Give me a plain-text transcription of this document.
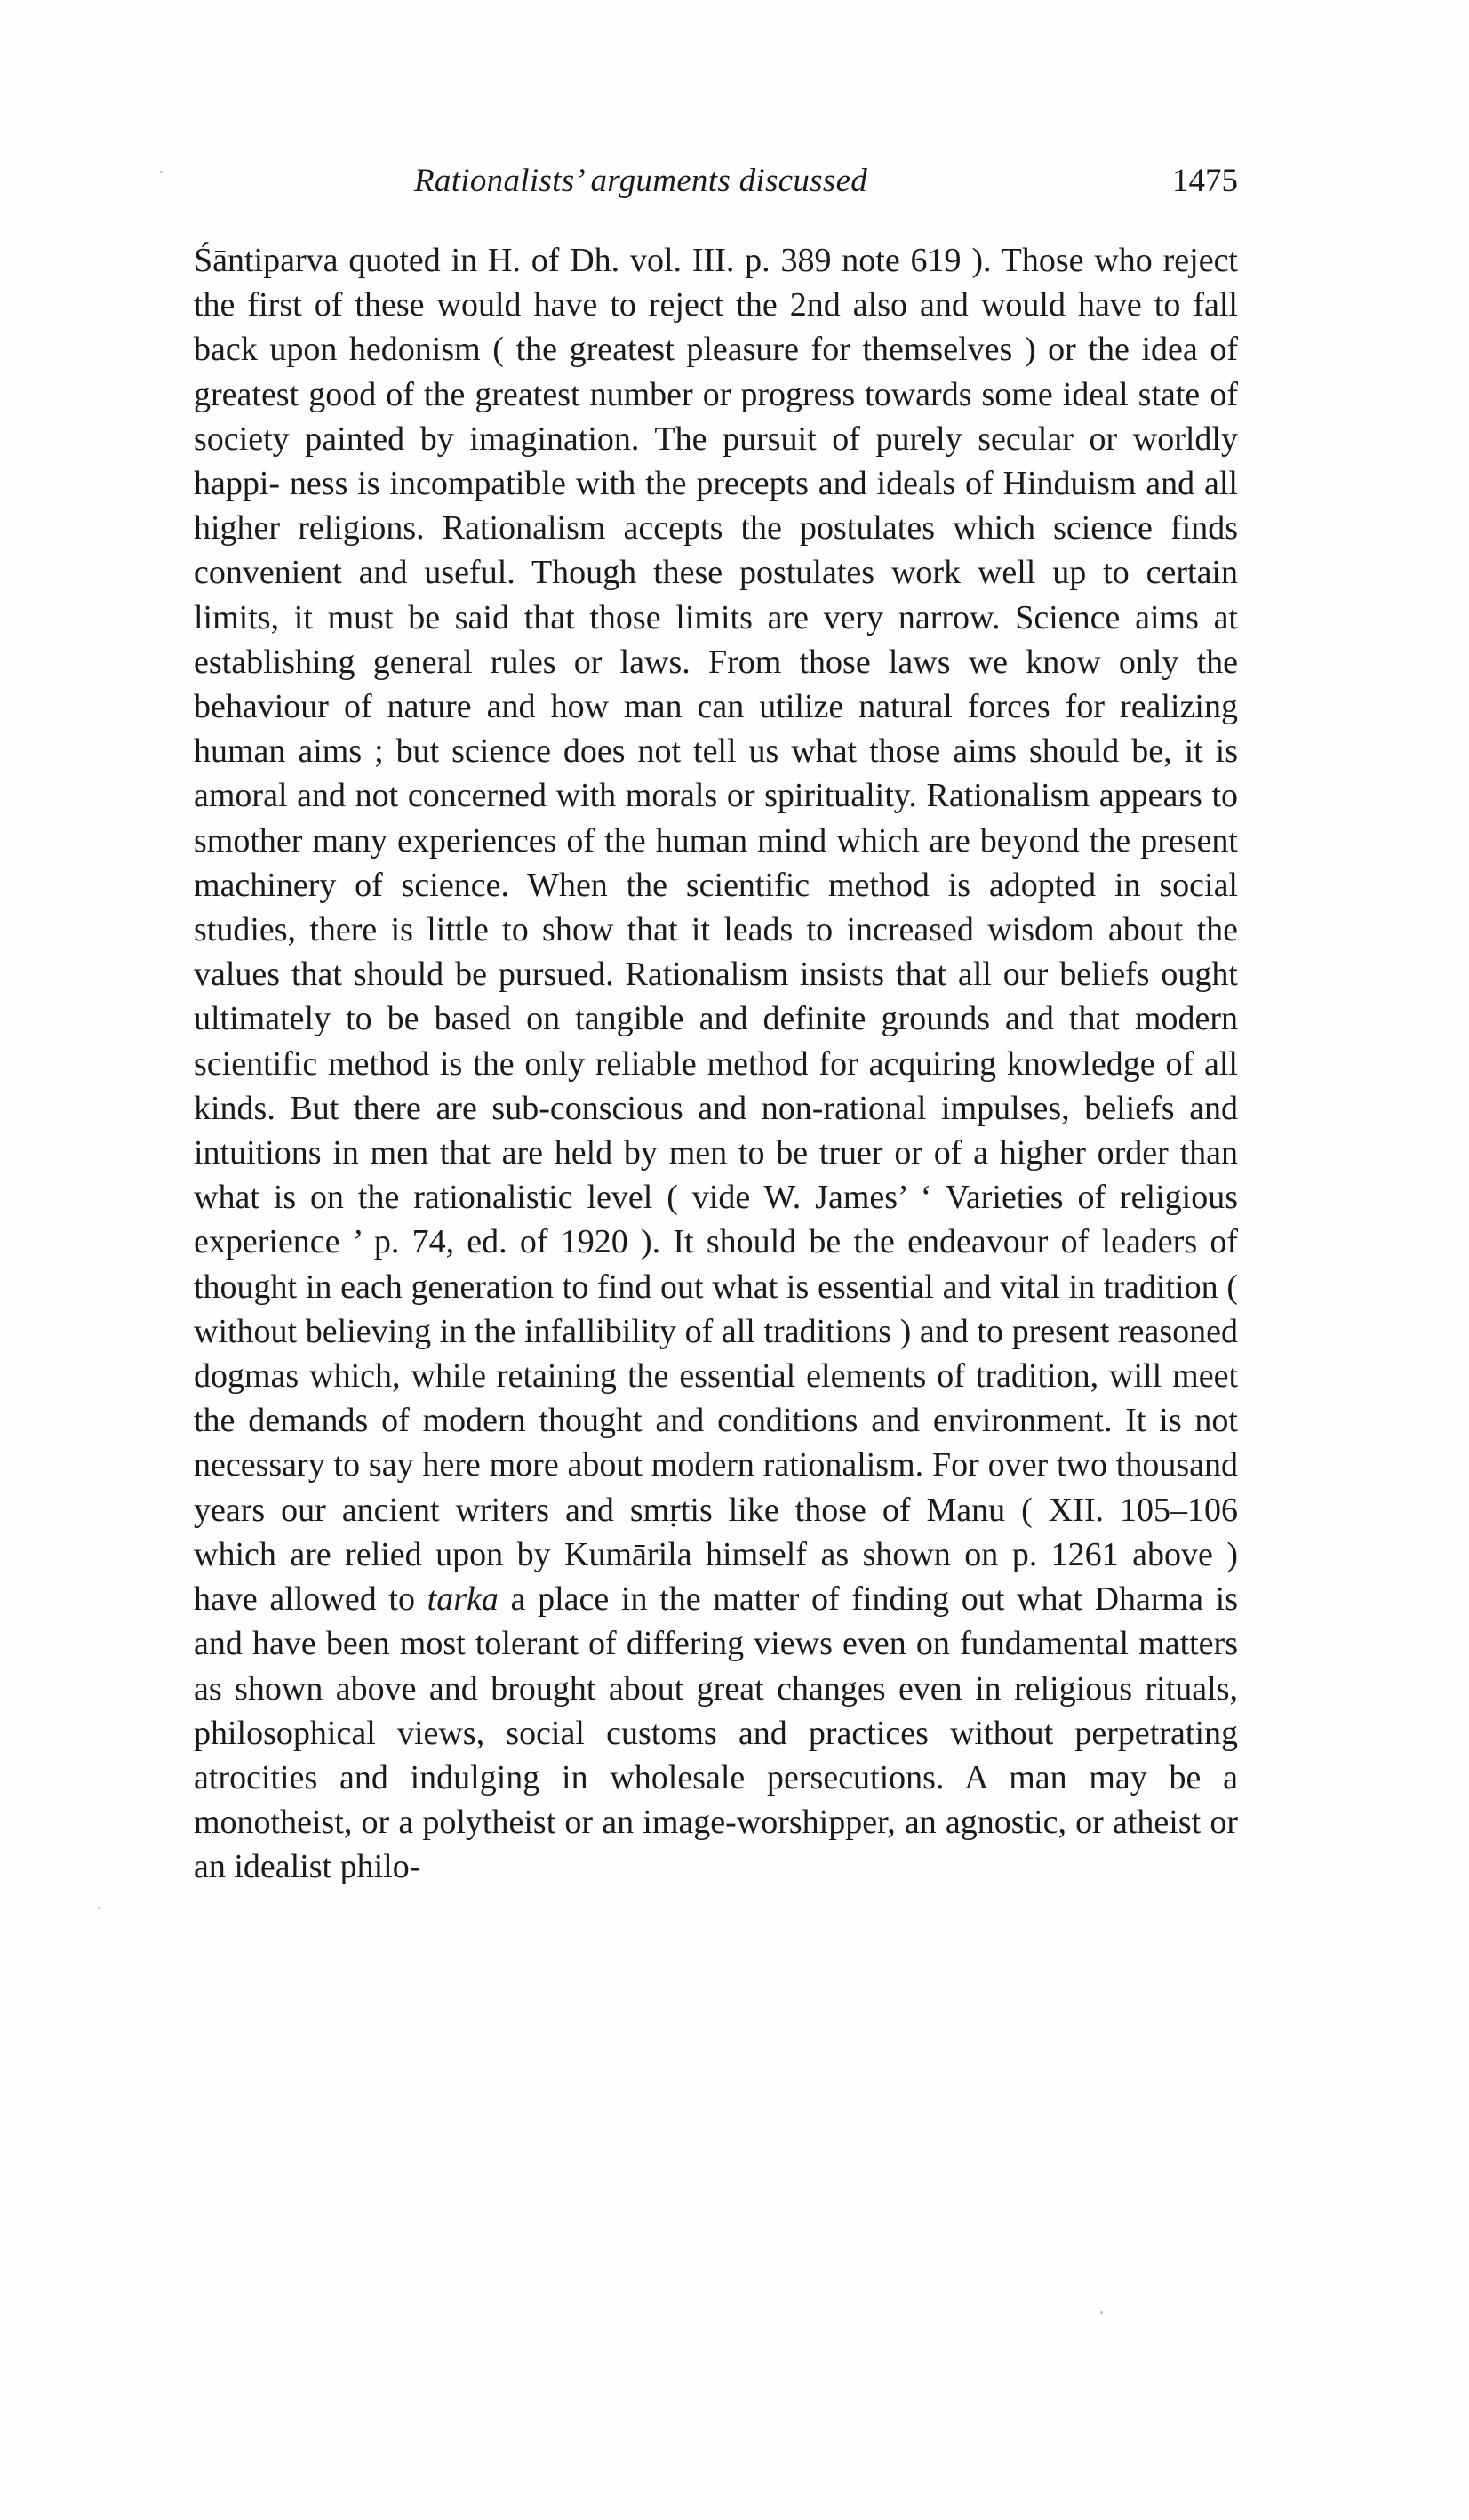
Rationalists’ arguments discussed	1475

Śāntiparva quoted in H. of Dh. vol. III. p. 389 note 619 ). Those who reject the first of these would have to reject the 2nd also and would have to fall back upon hedonism ( the greatest pleasure for themselves ) or the idea of greatest good of the greatest number or progress towards some ideal state of society painted by imagination. The pursuit of purely secular or worldly happi- ness is incompatible with the precepts and ideals of Hinduism and all higher religions. Rationalism accepts the postulates which science finds convenient and useful. Though these postulates work well up to certain limits, it must be said that those limits are very narrow. Science aims at establishing general rules or laws. From those laws we know only the behaviour of nature and how man can utilize natural forces for realizing human aims ; but science does not tell us what those aims should be, it is amoral and not concerned with morals or spirituality. Rationalism appears to smother many experiences of the human mind which are beyond the present machinery of science. When the scientific method is adopted in social studies, there is little to show that it leads to increased wisdom about the values that should be pursued. Rationalism insists that all our beliefs ought ultimately to be based on tangible and definite grounds and that modern scientific method is the only reliable method for acquiring knowledge of all kinds. But there are sub-conscious and non-rational impulses, beliefs and intuitions in men that are held by men to be truer or of a higher order than what is on the rationalistic level ( vide W. James’ ‘ Varieties of religious experience ’ p. 74, ed. of 1920 ). It should be the endeavour of leaders of thought in each generation to find out what is essential and vital in tradition ( without believing in the infallibility of all traditions ) and to present reasoned dogmas which, while retaining the essential elements of tradition, will meet the demands of modern thought and conditions and environment. It is not necessary to say here more about modern rationalism. For over two thousand years our ancient writers and smṛtis like those of Manu ( XII. 105–106 which are relied upon by Kumārila himself as shown on p. 1261 above ) have allowed to tarka a place in the matter of finding out what Dharma is and have been most tolerant of differing views even on fundamental matters as shown above and brought about great changes even in religious rituals, philosophical views, social customs and practices without perpetrating atrocities and indulging in wholesale persecutions. A man may be a monotheist, or a polytheist or an image-worshipper, an agnostic, or atheist or an idealist philo-
